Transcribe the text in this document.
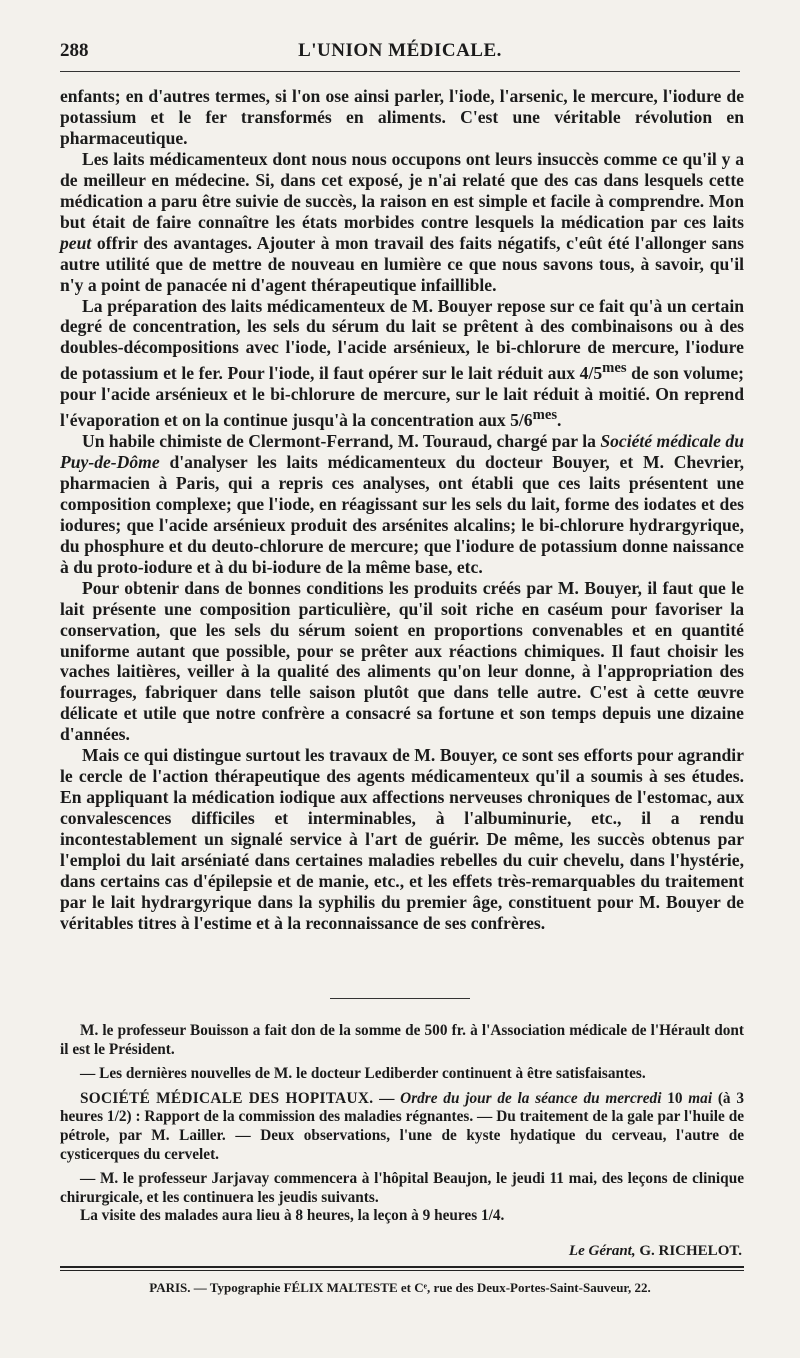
288	L'UNION MÉDICALE.

enfants; en d'autres termes, si l'on ose ainsi parler, l'iode, l'arsenic, le mercure, l'iodure de potassium et le fer transformés en aliments. C'est une véritable révolution en pharmaceutique.

Les laits médicamenteux dont nous nous occupons ont leurs insuccès comme ce qu'il y a de meilleur en médecine. Si, dans cet exposé, je n'ai relaté que des cas dans lesquels cette médication a paru être suivie de succès, la raison en est simple et facile à comprendre. Mon but était de faire connaître les états morbides contre lesquels la médication par ces laits peut offrir des avantages. Ajouter à mon travail des faits négatifs, c'eût été l'allonger sans autre utilité que de mettre de nouveau en lumière ce que nous savons tous, à savoir, qu'il n'y a point de panacée ni d'agent thérapeutique infaillible.

La préparation des laits médicamenteux de M. Bouyer repose sur ce fait qu'à un certain degré de concentration, les sels du sérum du lait se prêtent à des combinaisons ou à des doubles-décompositions avec l'iode, l'acide arsénieux, le bi-chlorure de mercure, l'iodure de potassium et le fer. Pour l'iode, il faut opérer sur le lait réduit aux $4/5^{mes}$ de son volume; pour l'acide arsénieux et le bi-chlorure de mercure, sur le lait réduit à moitié. On reprend l'évaporation et on la continue jusqu'à la concentration aux $5/6^{mes}$.

Un habile chimiste de Clermont-Ferrand, M. Touraud, chargé par la Société médicale du Puy-de-Dôme d'analyser les laits médicamenteux du docteur Bouyer, et M. Chevrier, pharmacien à Paris, qui a repris ces analyses, ont établi que ces laits présentent une composition complexe; que l'iode, en réagissant sur les sels du lait, forme des iodates et des iodures; que l'acide arsénieux produit des arsénites alcalins; le bi-chlorure hydrargyrique, du phosphure et du deuto-chlorure de mercure; que l'iodure de potassium donne naissance à du proto-iodure et à du bi-iodure de la même base, etc.

Pour obtenir dans de bonnes conditions les produits créés par M. Bouyer, il faut que le lait présente une composition particulière, qu'il soit riche en caséum pour favoriser la conservation, que les sels du sérum soient en proportions convenables et en quantité uniforme autant que possible, pour se prêter aux réactions chimiques. Il faut choisir les vaches laitières, veiller à la qualité des aliments qu'on leur donne, à l'appropriation des fourrages, fabriquer dans telle saison plutôt que dans telle autre. C'est à cette œuvre délicate et utile que notre confrère a consacré sa fortune et son temps depuis une dizaine d'années.

Mais ce qui distingue surtout les travaux de M. Bouyer, ce sont ses efforts pour agrandir le cercle de l'action thérapeutique des agents médicamenteux qu'il a soumis à ses études. En appliquant la médication iodique aux affections nerveuses chroniques de l'estomac, aux convalescences difficiles et interminables, à l'albuminurie, etc., il a rendu incontestablement un signalé service à l'art de guérir. De même, les succès obtenus par l'emploi du lait arséniaté dans certaines maladies rebelles du cuir chevelu, dans l'hystérie, dans certains cas d'épilepsie et de manie, etc., et les effets très-remarquables du traitement par le lait hydrargyrique dans la syphilis du premier âge, constituent pour M. Bouyer de véritables titres à l'estime et à la reconnaissance de ses confrères.

M. le professeur Bouisson a fait don de la somme de 500 fr. à l'Association médicale de l'Hérault dont il est le Président.

— Les dernières nouvelles de M. le docteur Lediberder continuent à être satisfaisantes.

SOCIÉTÉ MÉDICALE DES HOPITAUX. — Ordre du jour de la séance du mercredi 10 mai (à 3 heures 1/2) : Rapport de la commission des maladies régnantes. — Du traitement de la gale par l'huile de pétrole, par M. Lailler. — Deux observations, l'une de kyste hydatique du cerveau, l'autre de cysticerques du cervelet.

— M. le professeur Jarjavay commencera à l'hôpital Beaujon, le jeudi 11 mai, des leçons de clinique chirurgicale, et les continuera les jeudis suivants.

La visite des malades aura lieu à 8 heures, la leçon à 9 heures 1/4.

Le Gérant, G. RICHELOT.
PARIS. — Typographie FÉLIX MALTESTE et Cᵉ, rue des Deux-Portes-Saint-Sauveur, 22.
